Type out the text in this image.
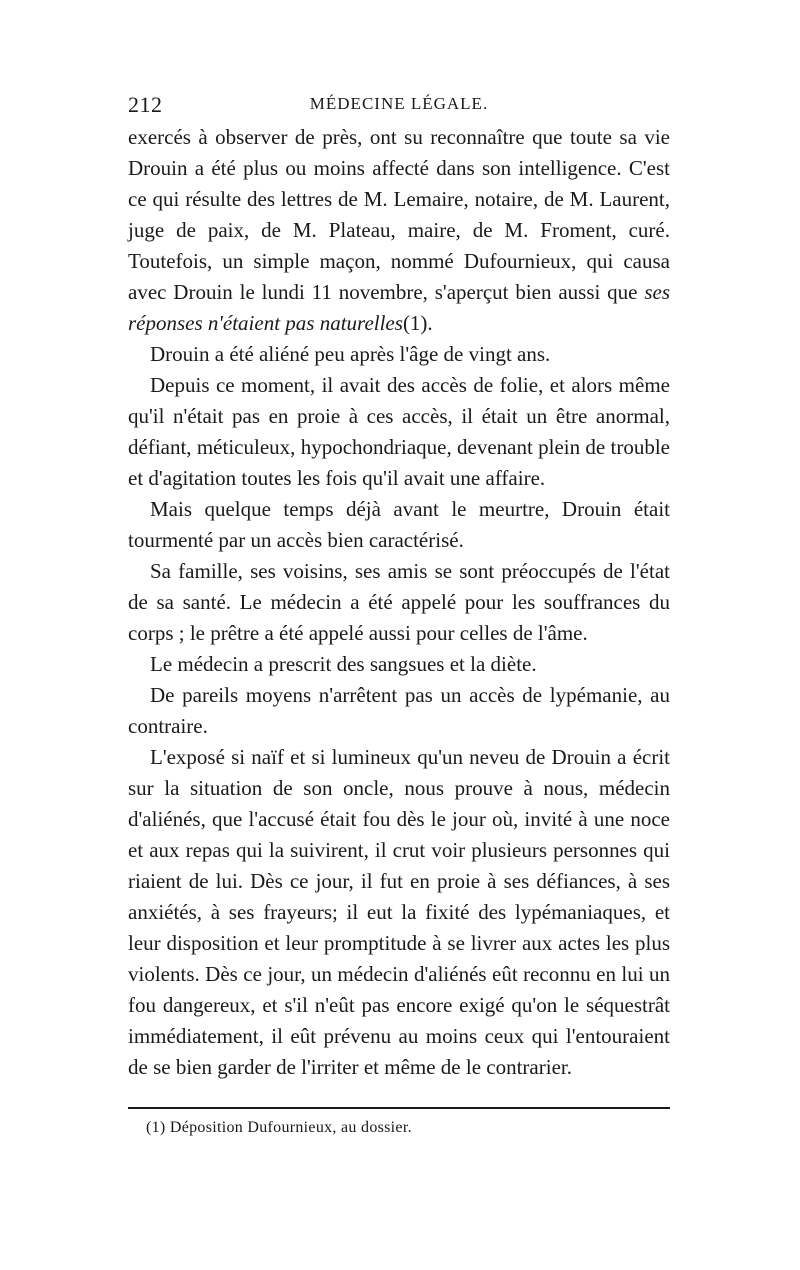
212	MÉDECINE LÉGALE.

exercés à observer de près, ont su reconnaître que toute sa vie Drouin a été plus ou moins affecté dans son intelligence. C'est ce qui résulte des lettres de M. Lemaire, notaire, de M. Laurent, juge de paix, de M. Plateau, maire, de M. Froment, curé. Toutefois, un simple maçon, nommé Dufournieux, qui causa avec Drouin le lundi 11 novembre, s'aperçut bien aussi que ses réponses n'étaient pas naturelles(1).

Drouin a été aliéné peu après l'âge de vingt ans.

Depuis ce moment, il avait des accès de folie, et alors même qu'il n'était pas en proie à ces accès, il était un être anormal, défiant, méticuleux, hypochondriaque, devenant plein de trouble et d'agitation toutes les fois qu'il avait une affaire.

Mais quelque temps déjà avant le meurtre, Drouin était tourmenté par un accès bien caractérisé.

Sa famille, ses voisins, ses amis se sont préoccupés de l'état de sa santé. Le médecin a été appelé pour les souffrances du corps ; le prêtre a été appelé aussi pour celles de l'âme.

Le médecin a prescrit des sangsues et la diète.

De pareils moyens n'arrêtent pas un accès de lypémanie, au contraire.

L'exposé si naïf et si lumineux qu'un neveu de Drouin a écrit sur la situation de son oncle, nous prouve à nous, médecin d'aliénés, que l'accusé était fou dès le jour où, invité à une noce et aux repas qui la suivirent, il crut voir plusieurs personnes qui riaient de lui. Dès ce jour, il fut en proie à ses défiances, à ses anxiétés, à ses frayeurs; il eut la fixité des lypémaniaques, et leur disposition et leur promptitude à se livrer aux actes les plus violents. Dès ce jour, un médecin d'aliénés eût reconnu en lui un fou dangereux, et s'il n'eût pas encore exigé qu'on le séquestrât immédiatement, il eût prévenu au moins ceux qui l'entouraient de se bien garder de l'irriter et même de le contrarier.

(1) Déposition Dufournieux, au dossier.
